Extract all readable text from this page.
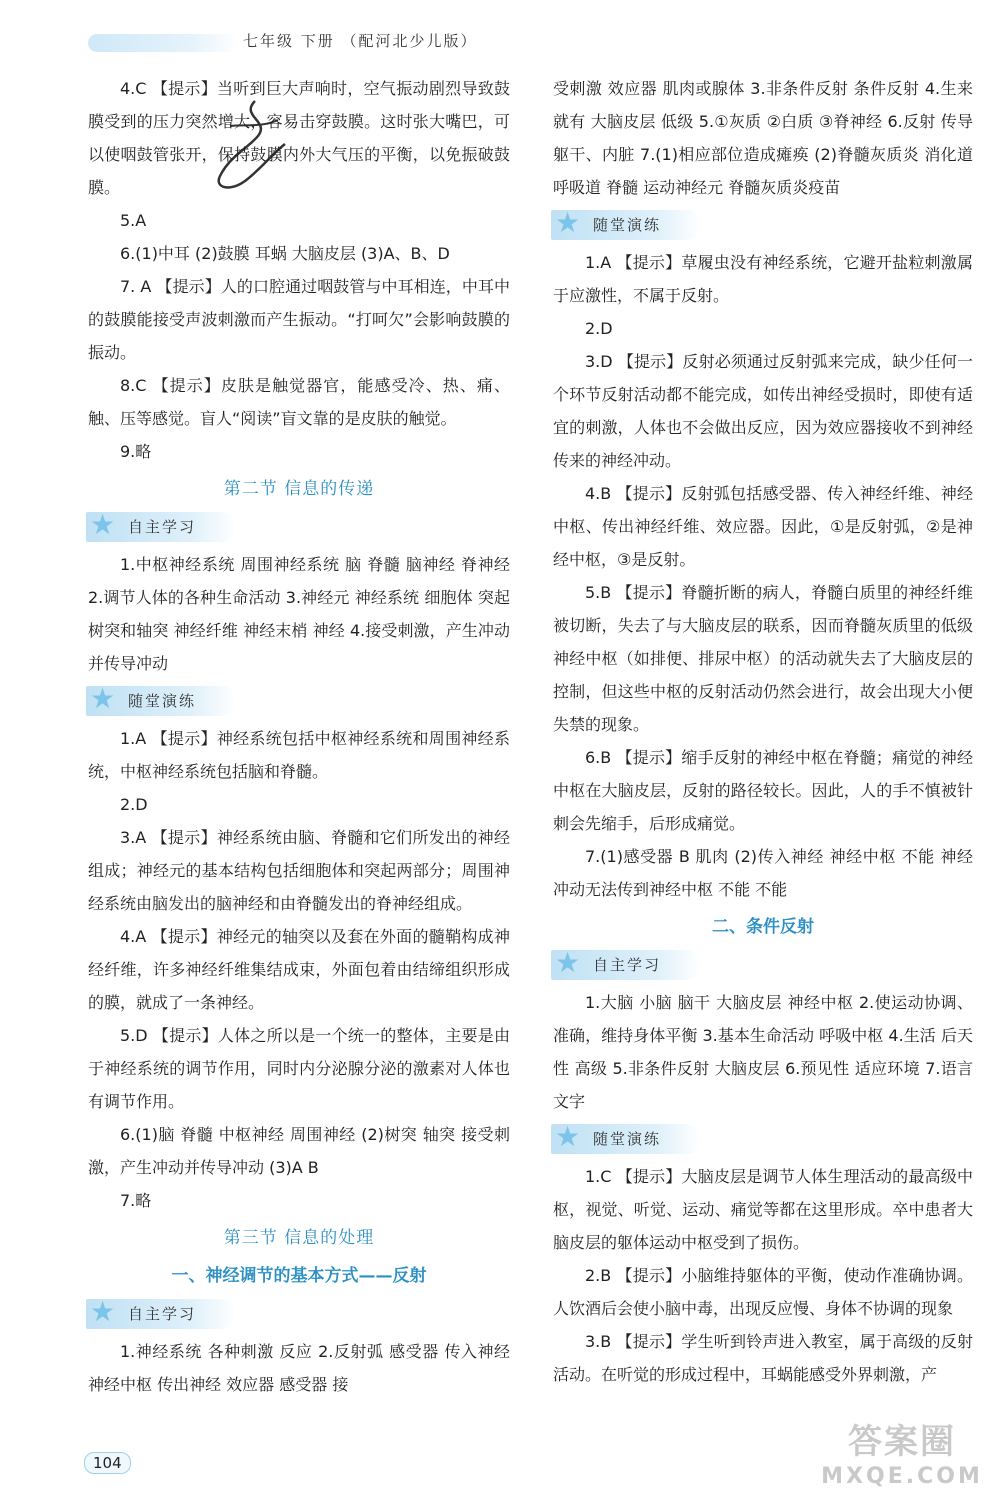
七年级 下册 （配河北少儿版）

4.C 【提示】当听到巨大声响时，空气振动剧烈导致鼓膜受到的压力突然增大，容易击穿鼓膜。这时张大嘴巴，可以使咽鼓管张开，保持鼓膜内外大气压的平衡，以免振破鼓膜。

5.A

6.(1)中耳 (2)鼓膜 耳蜗 大脑皮层 (3)A、B、D

7. A 【提示】人的口腔通过咽鼓管与中耳相连，中耳中的鼓膜能接受声波刺激而产生振动。“打呵欠”会影响鼓膜的振动。

8.C 【提示】皮肤是触觉器官，能感受冷、热、痛、触、压等感觉。盲人“阅读”盲文靠的是皮肤的触觉。

9.略

第二节 信息的传递
★ 自主学习

1.中枢神经系统 周围神经系统 脑 脊髓 脑神经 脊神经 2.调节人体的各种生命活动 3.神经元 神经系统 细胞体 突起 树突和轴突 神经纤维 神经末梢 神经 4.接受刺激，产生冲动并传导冲动

★ 随堂演练

1.A 【提示】神经系统包括中枢神经系统和周围神经系统，中枢神经系统包括脑和脊髓。

2.D

3.A 【提示】神经系统由脑、脊髓和它们所发出的神经组成；神经元的基本结构包括细胞体和突起两部分；周围神经系统由脑发出的脑神经和由脊髓发出的脊神经组成。

4.A 【提示】神经元的轴突以及套在外面的髓鞘构成神经纤维，许多神经纤维集结成束，外面包着由结缔组织形成的膜，就成了一条神经。

5.D 【提示】人体之所以是一个统一的整体，主要是由于神经系统的调节作用，同时内分泌腺分泌的激素对人体也有调节作用。

6.(1)脑 脊髓 中枢神经 周围神经 (2)树突 轴突 接受刺激，产生冲动并传导冲动 (3)A B

7.略

第三节 信息的处理
一、神经调节的基本方式——反射
★ 自主学习

1.神经系统 各种刺激 反应 2.反射弧 感受器 传入神经 神经中枢 传出神经 效应器 感受器 接

受刺激 效应器 肌肉或腺体 3.非条件反射 条件反射 4.生来就有 大脑皮层 低级 5.①灰质 ②白质 ③脊神经 6.反射 传导 躯干、内脏 7.(1)相应部位造成瘫痪 (2)脊髓灰质炎 消化道 呼吸道 脊髓 运动神经元 脊髓灰质炎疫苗

★ 随堂演练

1.A 【提示】草履虫没有神经系统，它避开盐粒刺激属于应激性，不属于反射。

2.D

3.D 【提示】反射必须通过反射弧来完成，缺少任何一个环节反射活动都不能完成，如传出神经受损时，即使有适宜的刺激，人体也不会做出反应，因为效应器接收不到神经传来的神经冲动。

4.B 【提示】反射弧包括感受器、传入神经纤维、神经中枢、传出神经纤维、效应器。因此，①是反射弧，②是神经中枢，③是反射。

5.B 【提示】脊髓折断的病人，脊髓白质里的神经纤维被切断，失去了与大脑皮层的联系，因而脊髓灰质里的低级神经中枢（如排便、排尿中枢）的活动就失去了大脑皮层的控制，但这些中枢的反射活动仍然会进行，故会出现大小便失禁的现象。

6.B 【提示】缩手反射的神经中枢在脊髓；痛觉的神经中枢在大脑皮层，反射的路径较长。因此，人的手不慎被针刺会先缩手，后形成痛觉。

7.(1)感受器 B 肌肉 (2)传入神经 神经中枢 不能 神经冲动无法传到神经中枢 不能 不能

二、条件反射
★ 自主学习

1.大脑 小脑 脑干 大脑皮层 神经中枢 2.使运动协调、准确，维持身体平衡 3.基本生命活动 呼吸中枢 4.生活 后天性 高级 5.非条件反射 大脑皮层 6.预见性 适应环境 7.语言文字

★ 随堂演练

1.C 【提示】大脑皮层是调节人体生理活动的最高级中枢，视觉、听觉、运动、痛觉等都在这里形成。卒中患者大脑皮层的躯体运动中枢受到了损伤。

2.B 【提示】小脑维持躯体的平衡，使动作准确协调。人饮酒后会使小脑中毒，出现反应慢、身体不协调的现象

3.B 【提示】学生听到铃声进入教室，属于高级的反射活动。在听觉的形成过程中，耳蜗能感受外界刺激，产

104
答案圈
MXQE.COM
